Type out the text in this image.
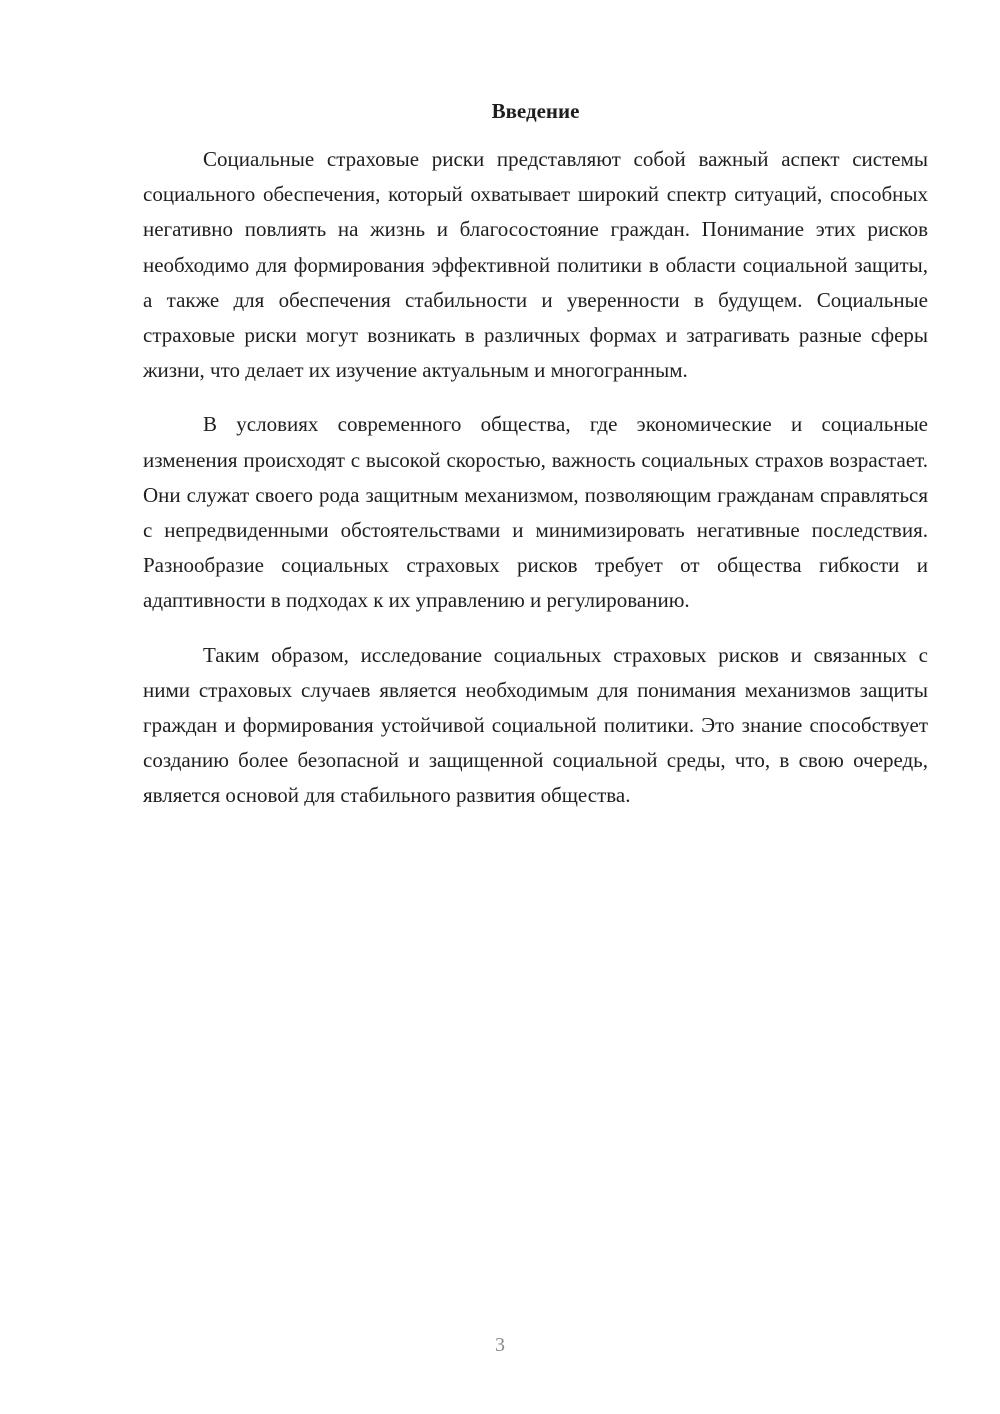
Введение

Социальные страховые риски представляют собой важный аспект системы социального обеспечения, который охватывает широкий спектр ситуаций, способных негативно повлиять на жизнь и благосостояние граждан. Понимание этих рисков необходимо для формирования эффективной политики в области социальной защиты, а также для обеспечения стабильности и уверенности в будущем. Социальные страховые риски могут возникать в различных формах и затрагивать разные сферы жизни, что делает их изучение актуальным и многогранным.

В условиях современного общества, где экономические и социальные изменения происходят с высокой скоростью, важность социальных страхов возрастает. Они служат своего рода защитным механизмом, позволяющим гражданам справляться с непредвиденными обстоятельствами и минимизировать негативные последствия. Разнообразие социальных страховых рисков требует от общества гибкости и адаптивности в подходах к их управлению и регулированию.

Таким образом, исследование социальных страховых рисков и связанных с ними страховых случаев является необходимым для понимания механизмов защиты граждан и формирования устойчивой социальной политики. Это знание способствует созданию более безопасной и защищенной социальной среды, что, в свою очередь, является основой для стабильного развития общества.

3
